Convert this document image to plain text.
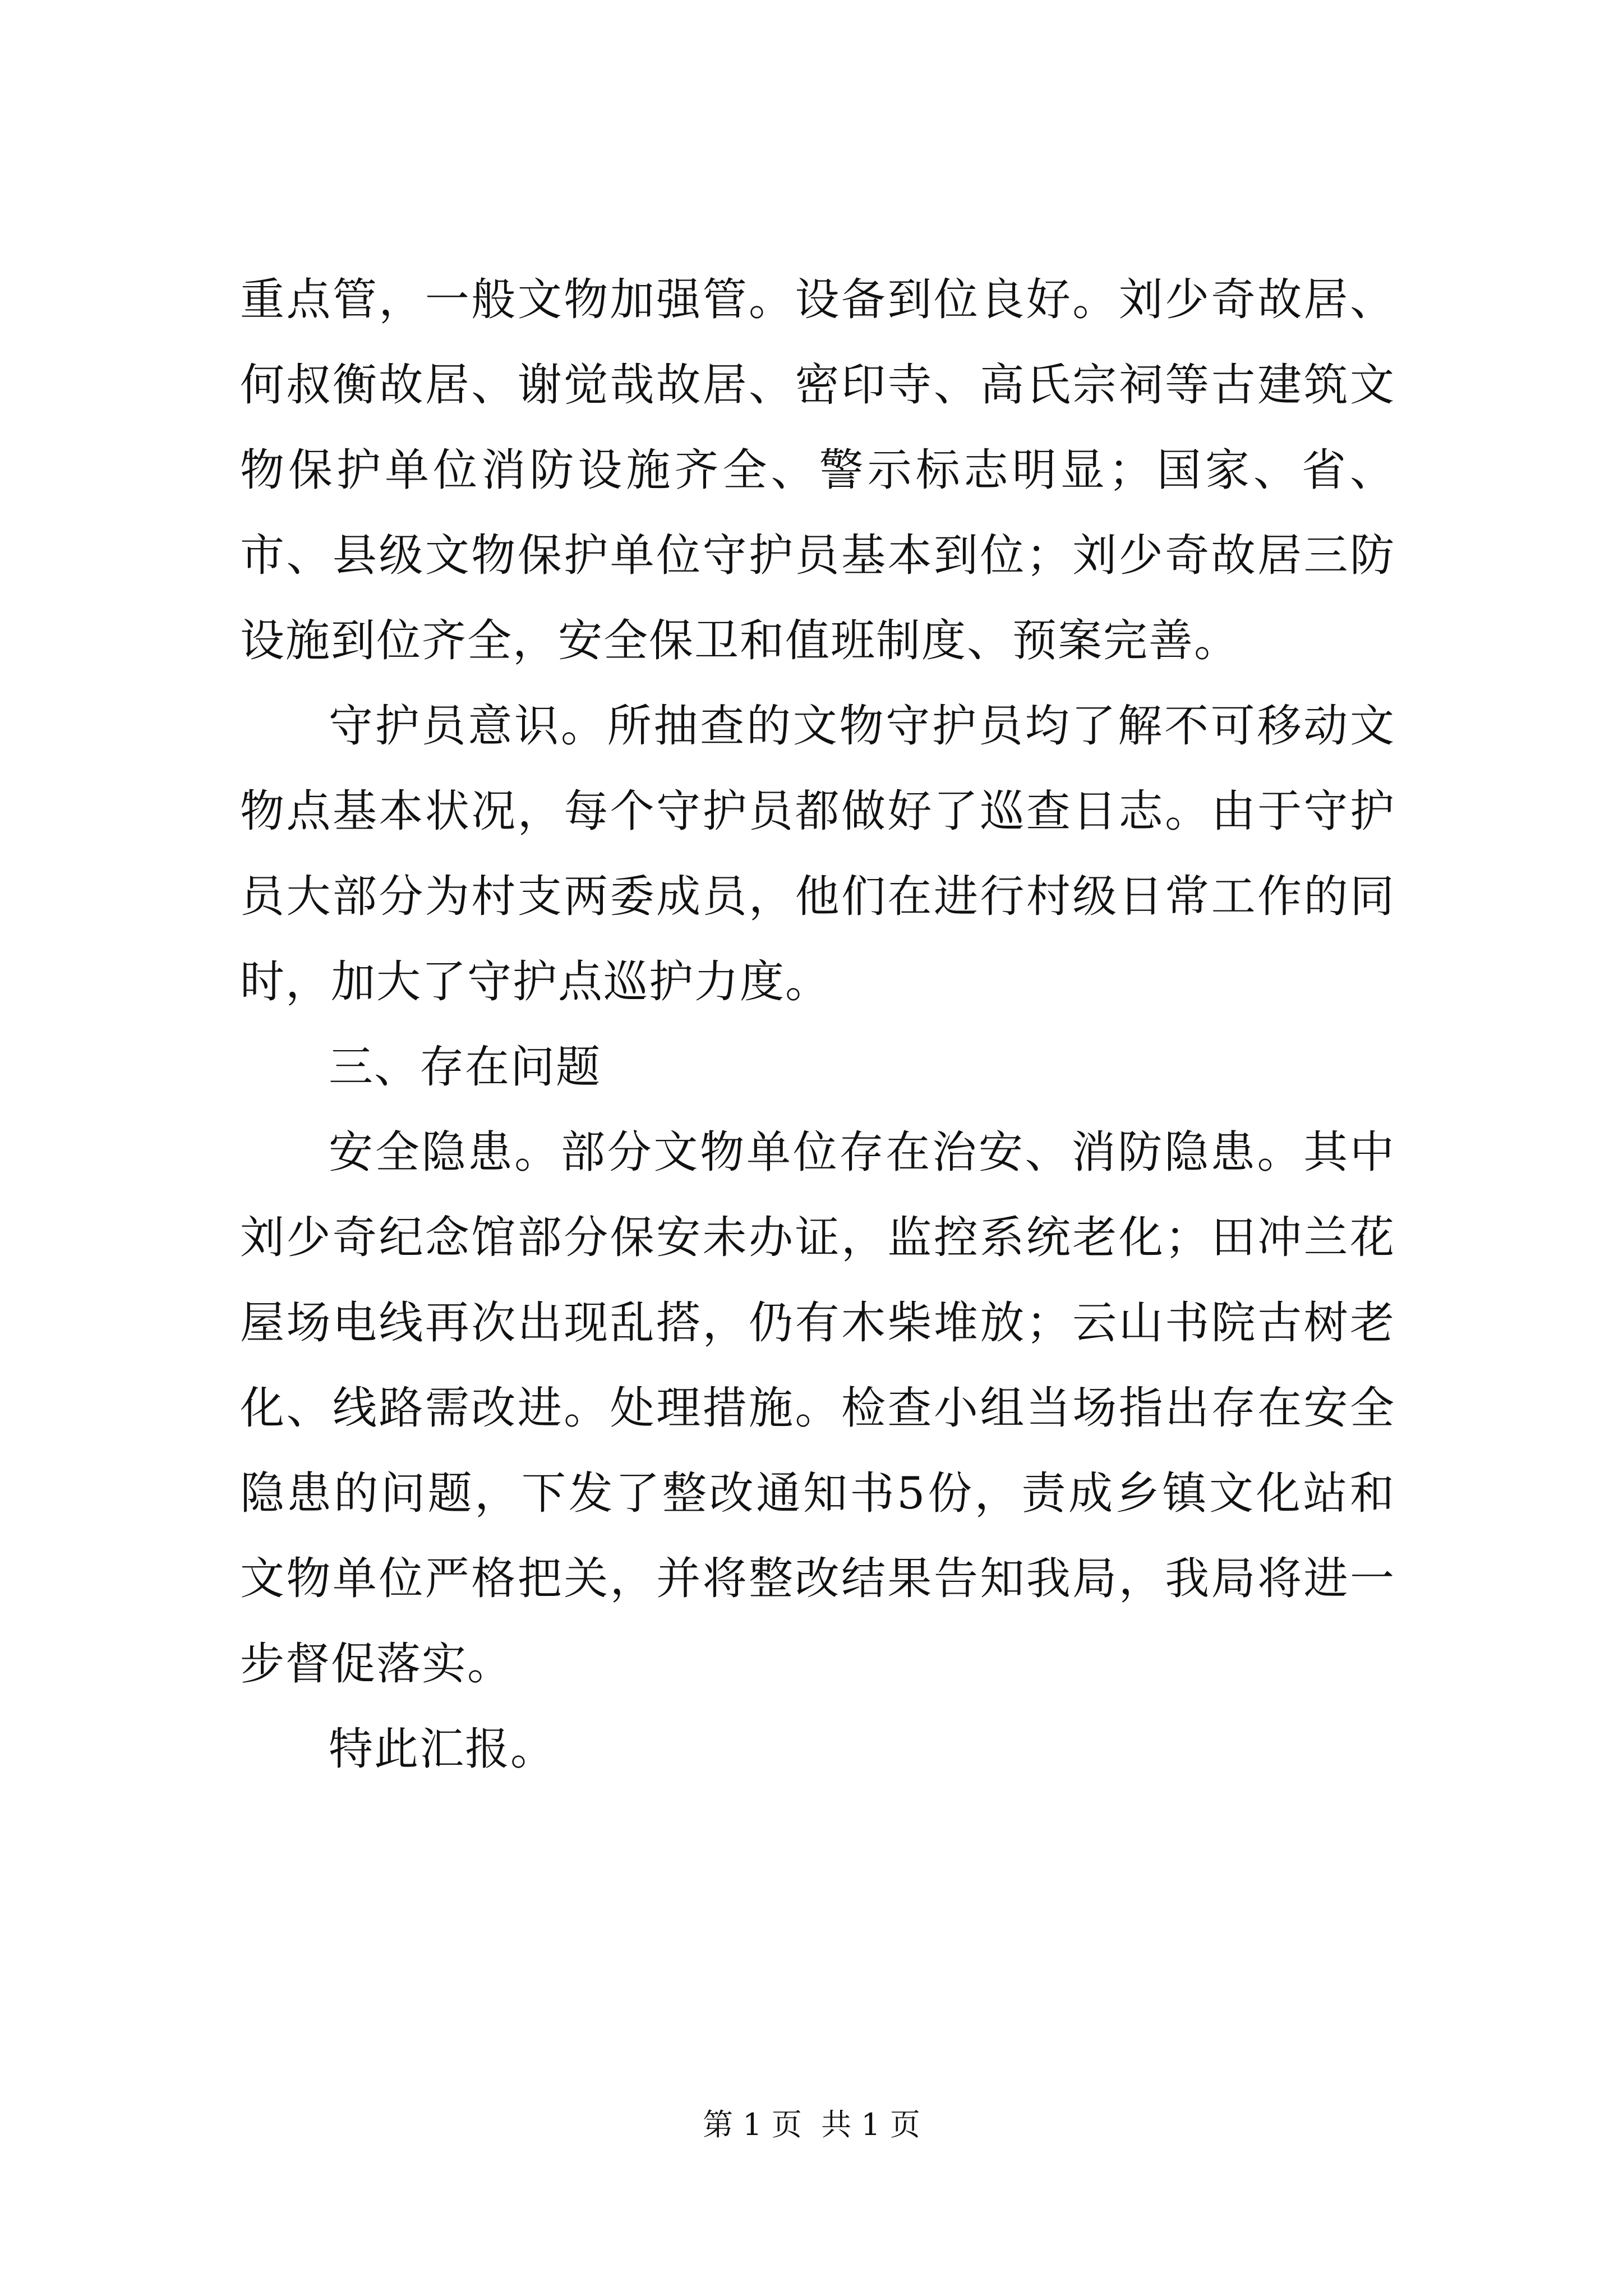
重点管，一般文物加强管。设备到位良好。刘少奇故居、何叔衡故居、谢觉哉故居、密印寺、高氏宗祠等古建筑文物保护单位消防设施齐全、警示标志明显；国家、省、市、县级文物保护单位守护员基本到位；刘少奇故居三防设施到位齐全，安全保卫和值班制度、预案完善。

守护员意识。所抽查的文物守护员均了解不可移动文物点基本状况，每个守护员都做好了巡查日志。由于守护员大部分为村支两委成员，他们在进行村级日常工作的同时，加大了守护点巡护力度。

三、存在问题

安全隐患。部分文物单位存在治安、消防隐患。其中刘少奇纪念馆部分保安未办证，监控系统老化；田冲兰花屋场电线再次出现乱搭，仍有木柴堆放；云山书院古树老化、线路需改进。处理措施。检查小组当场指出存在安全隐患的问题，下发了整改通知书5份，责成乡镇文化站和文物单位严格把关，并将整改结果告知我局，我局将进一步督促落实。

特此汇报。

第 1 页  共 1 页
